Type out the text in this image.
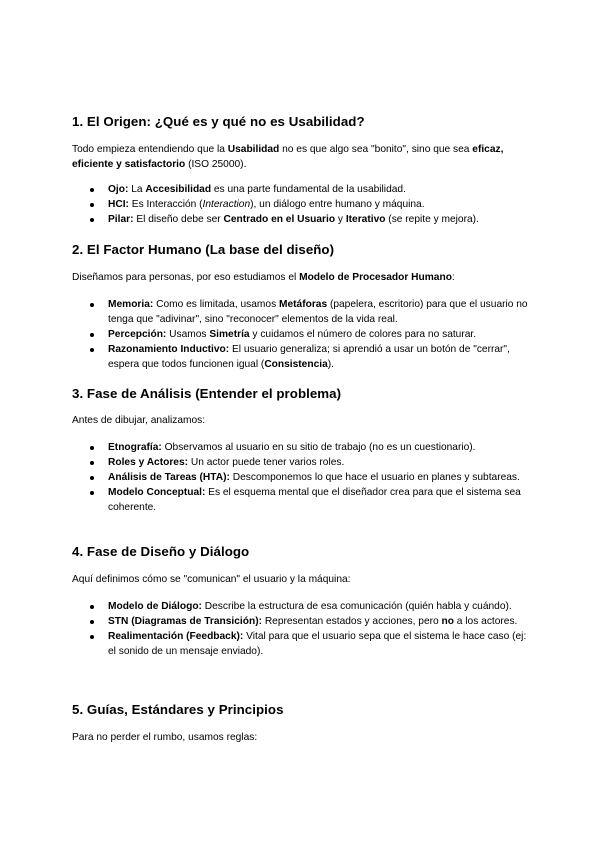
1. El Origen: ¿Qué es y qué no es Usabilidad?

Todo empieza entendiendo que la Usabilidad no es que algo sea "bonito", sino que sea eficaz, eficiente y satisfactorio (ISO 25000).

Ojo: La Accesibilidad es una parte fundamental de la usabilidad.
HCI: Es Interacción (Interaction), un diálogo entre humano y máquina.
Pilar: El diseño debe ser Centrado en el Usuario y Iterativo (se repite y mejora).
2. El Factor Humano (La base del diseño)

Diseñamos para personas, por eso estudiamos el Modelo de Procesador Humano:

Memoria: Como es limitada, usamos Metáforas (papelera, escritorio) para que el usuario no tenga que "adivinar", sino "reconocer" elementos de la vida real.
Percepción: Usamos Simetría y cuidamos el número de colores para no saturar.
Razonamiento Inductivo: El usuario generaliza; si aprendió a usar un botón de "cerrar", espera que todos funcionen igual (Consistencia).
3. Fase de Análisis (Entender el problema)

Antes de dibujar, analizamos:

Etnografía: Observamos al usuario en su sitio de trabajo (no es un cuestionario).
Roles y Actores: Un actor puede tener varios roles.
Análisis de Tareas (HTA): Descomponemos lo que hace el usuario en planes y subtareas.
Modelo Conceptual: Es el esquema mental que el diseñador crea para que el sistema sea coherente.
4. Fase de Diseño y Diálogo

Aquí definimos cómo se "comunican" el usuario y la máquina:

Modelo de Diálogo: Describe la estructura de esa comunicación (quién habla y cuándo).
STN (Diagramas de Transición): Representan estados y acciones, pero no a los actores.
Realimentación (Feedback): Vital para que el usuario sepa que el sistema le hace caso (ej: el sonido de un mensaje enviado).
5. Guías, Estándares y Principios

Para no perder el rumbo, usamos reglas:
